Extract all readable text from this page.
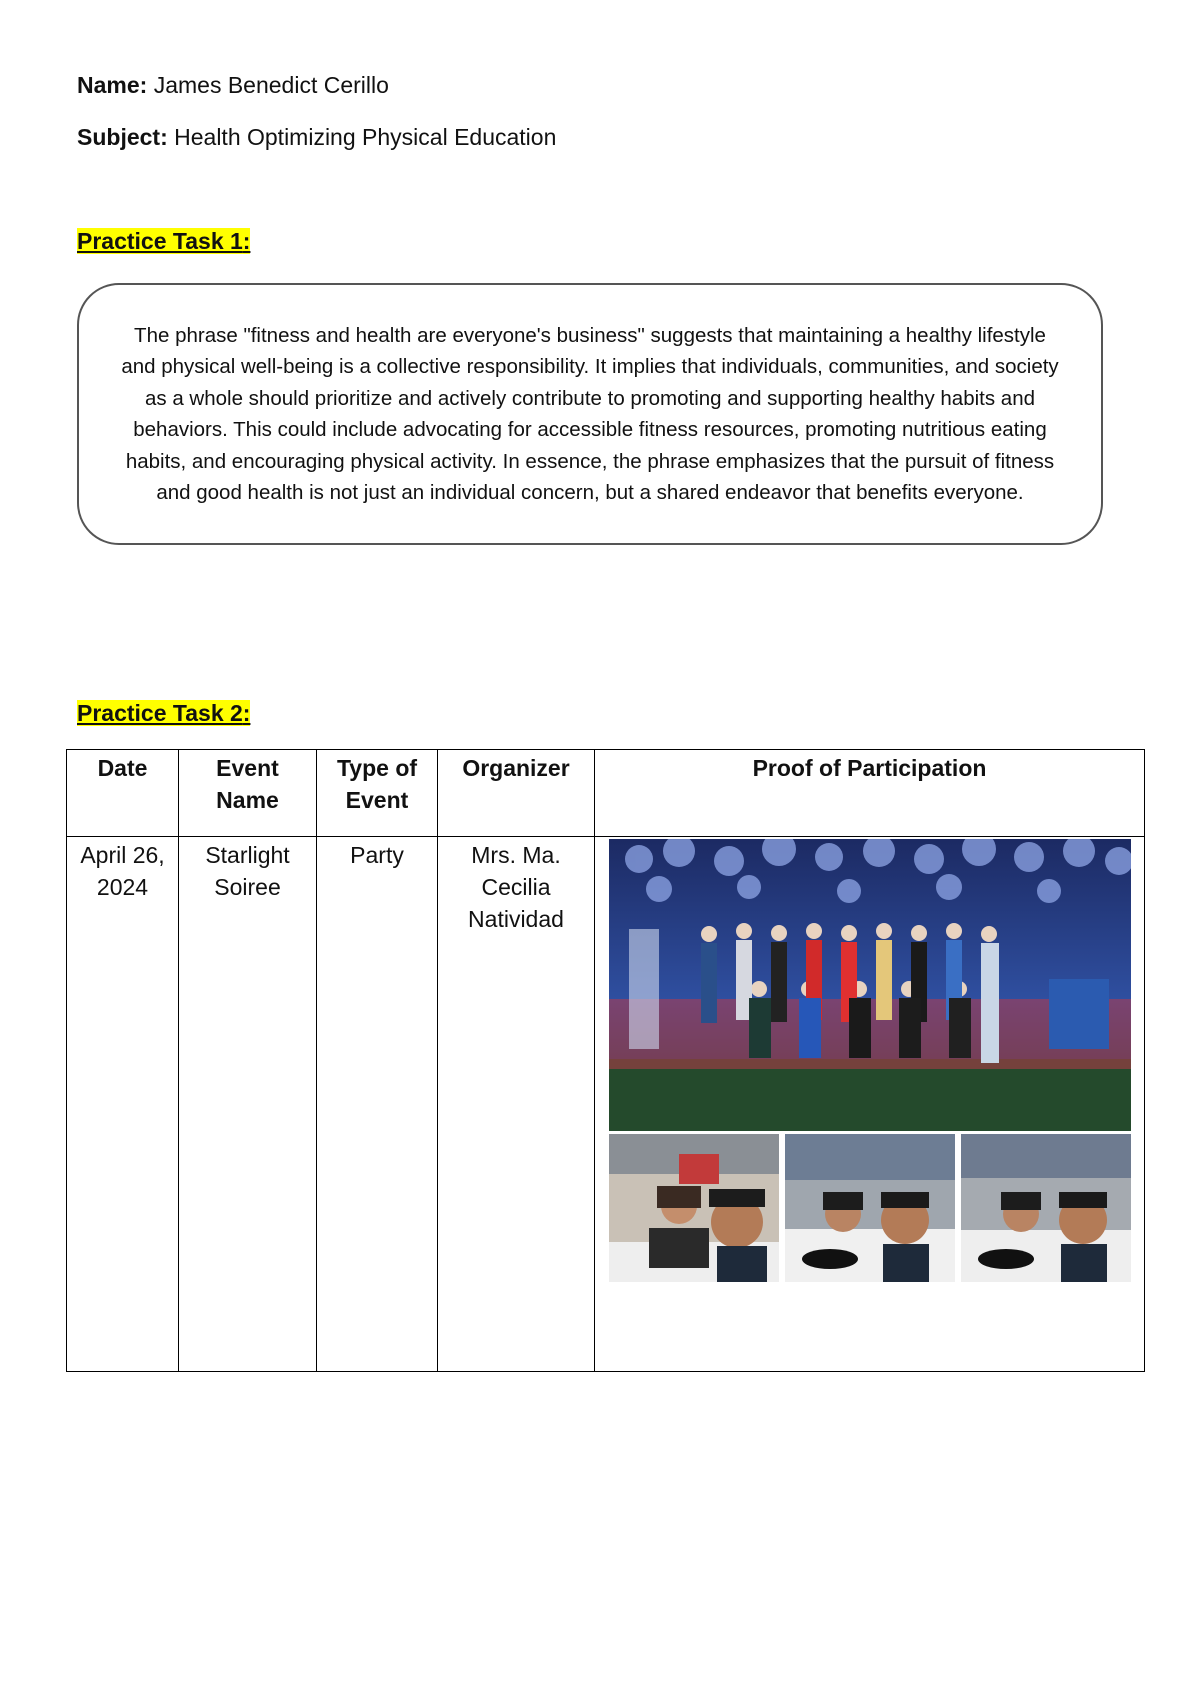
Name: James Benedict Cerillo
Subject: Health Optimizing Physical Education
Practice Task 1:

The phrase "fitness and health are everyone's business" suggests that maintaining a healthy lifestyle and physical well-being is a collective responsibility. It implies that individuals, communities, and society as a whole should prioritize and actively contribute to promoting and supporting healthy habits and behaviors. This could include advocating for accessible fitness resources, promoting nutritious eating habits, and encouraging physical activity. In essence, the phrase emphasizes that the pursuit of fitness and good health is not just an individual concern, but a shared endeavor that benefits everyone.

Practice Task 2:
Date	Event Name	Type of Event	Organizer	Proof of Participation
April 26, 2024	Starlight Soiree	Party	Mrs. Ma. Cecilia Natividad	
